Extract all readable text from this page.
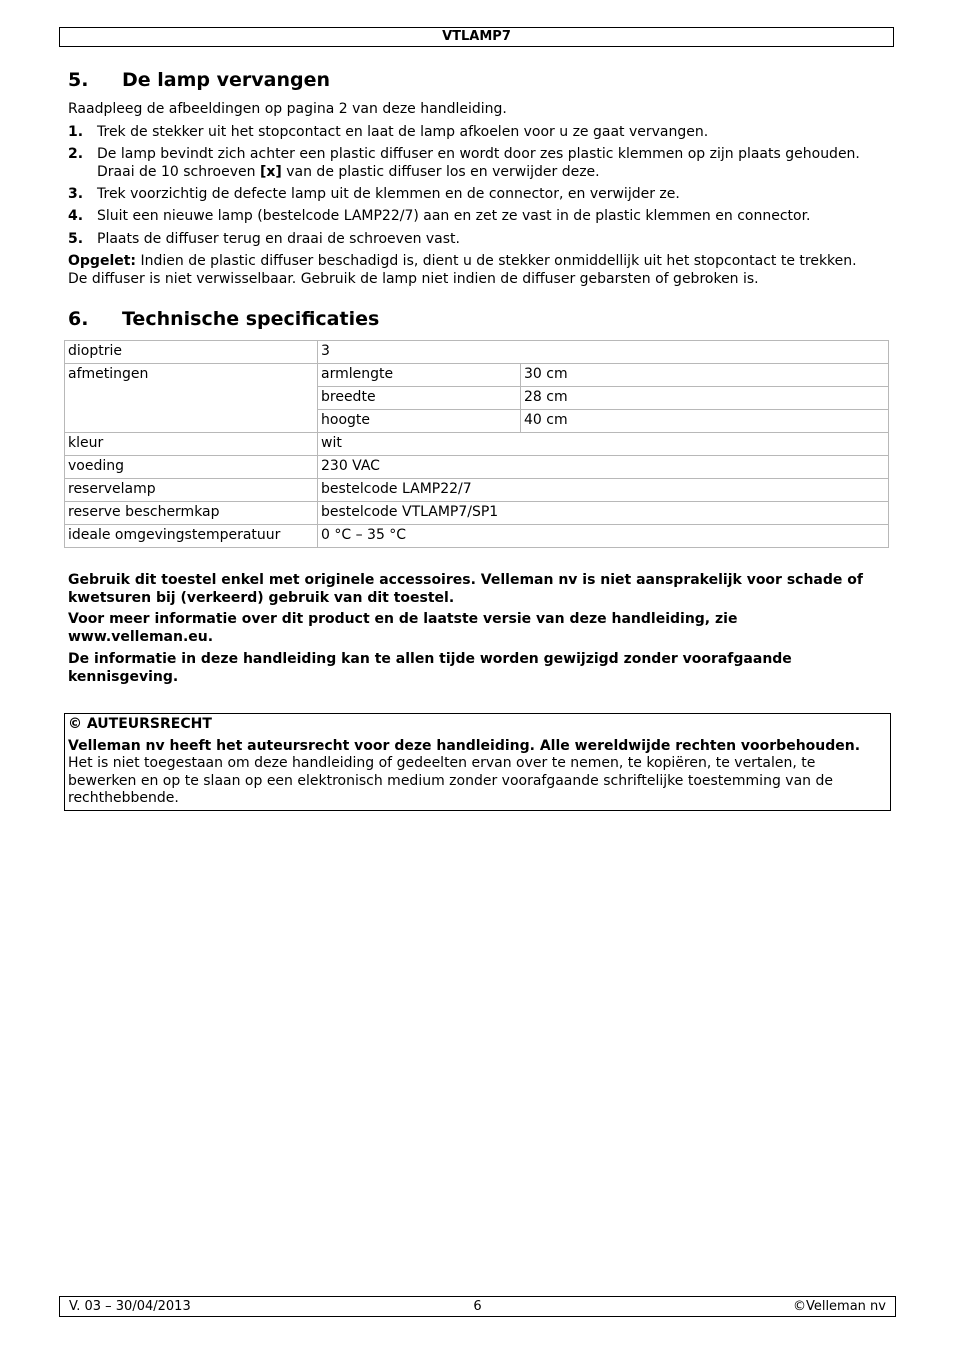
VTLAMP7
5. De lamp vervangen
Raadpleeg de afbeeldingen op pagina 2 van deze handleiding.
1. Trek de stekker uit het stopcontact en laat de lamp afkoelen voor u ze gaat vervangen.
2. De lamp bevindt zich achter een plastic diffuser en wordt door zes plastic klemmen op zijn plaats gehouden.
Draai de 10 schroeven [x] van de plastic diffuser los en verwijder deze.
3. Trek voorzichtig de defecte lamp uit de klemmen en de connector, en verwijder ze.
4. Sluit een nieuwe lamp (bestelcode LAMP22/7) aan en zet ze vast in de plastic klemmen en connector.
5. Plaats de diffuser terug en draai de schroeven vast.
Opgelet: Indien de plastic diffuser beschadigd is, dient u de stekker onmiddellijk uit het stopcontact te trekken.
De diffuser is niet verwisselbaar. Gebruik de lamp niet indien de diffuser gebarsten of gebroken is.
6. Technische specificaties
dioptrie	3	
afmetingen	armlengte	30 cm
	breedte	28 cm
	hoogte	40 cm
kleur	wit	
voeding	230 VAC	
reservelamp	bestelcode LAMP22/7	
reserve beschermkap	bestelcode VTLAMP7/SP1	
ideale omgevingstemperatuur	0 °C – 35 °C	
Gebruik dit toestel enkel met originele accessoires. Velleman nv is niet aansprakelijk voor schade of
kwetsuren bij (verkeerd) gebruik van dit toestel.
Voor meer informatie over dit product en de laatste versie van deze handleiding, zie
www.velleman.eu.
De informatie in deze handleiding kan te allen tijde worden gewijzigd zonder voorafgaande
kennisgeving.
© AUTEURSRECHT
Velleman nv heeft het auteursrecht voor deze handleiding. Alle wereldwijde rechten voorbehouden.
Het is niet toegestaan om deze handleiding of gedeelten ervan over te nemen, te kopiëren, te vertalen, te
bewerken en op te slaan op een elektronisch medium zonder voorafgaande schriftelijke toestemming van de
rechthebbende.
V. 03 – 30/04/2013	6	©Velleman nv
